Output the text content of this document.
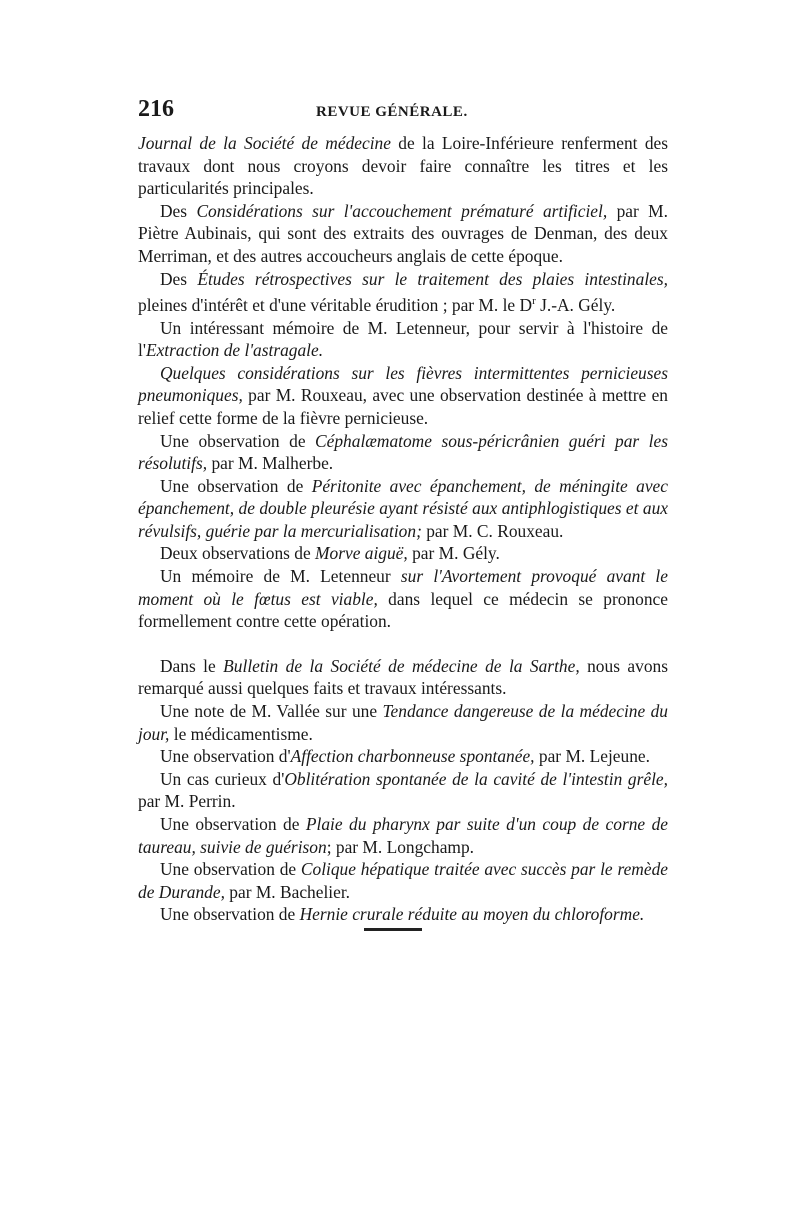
216	REVUE GÉNÉRALE.

Journal de la Société de médecine de la Loire-Inférieure renferment des travaux dont nous croyons devoir faire connaître les titres et les particularités principales.

Des Considérations sur l'accouchement prématuré artificiel, par M. Piètre Aubinais, qui sont des extraits des ouvrages de Denman, des deux Merriman, et des autres accoucheurs anglais de cette époque.

Des Études rétrospectives sur le traitement des plaies intestinales, pleines d'intérêt et d'une véritable érudition ; par M. le $D^r$ J.-A. Gély.

Un intéressant mémoire de M. Letenneur, pour servir à l'histoire de l'Extraction de l'astragale.

Quelques considérations sur les fièvres intermittentes pernicieuses pneumoniques, par M. Rouxeau, avec une observation destinée à mettre en relief cette forme de la fièvre pernicieuse.

Une observation de Céphalæmatome sous-péricrânien guéri par les résolutifs, par M. Malherbe.

Une observation de Péritonite avec épanchement, de méningite avec épanchement, de double pleurésie ayant résisté aux antiphlogistiques et aux révulsifs, guérie par la mercurialisation; par M. C. Rouxeau.

Deux observations de Morve aiguë, par M. Gély.

Un mémoire de M. Letenneur sur l'Avortement provoqué avant le moment où le fœtus est viable, dans lequel ce médecin se prononce formellement contre cette opération.

Dans le Bulletin de la Société de médecine de la Sarthe, nous avons remarqué aussi quelques faits et travaux intéressants.

Une note de M. Vallée sur une Tendance dangereuse de la médecine du jour, le médicamentisme.

Une observation d'Affection charbonneuse spontanée, par M. Lejeune.

Un cas curieux d'Oblitération spontanée de la cavité de l'intestin grêle, par M. Perrin.

Une observation de Plaie du pharynx par suite d'un coup de corne de taureau, suivie de guérison; par M. Longchamp.

Une observation de Colique hépatique traitée avec succès par le remède de Durande, par M. Bachelier.

Une observation de Hernie crurale réduite au moyen du chloroforme.
